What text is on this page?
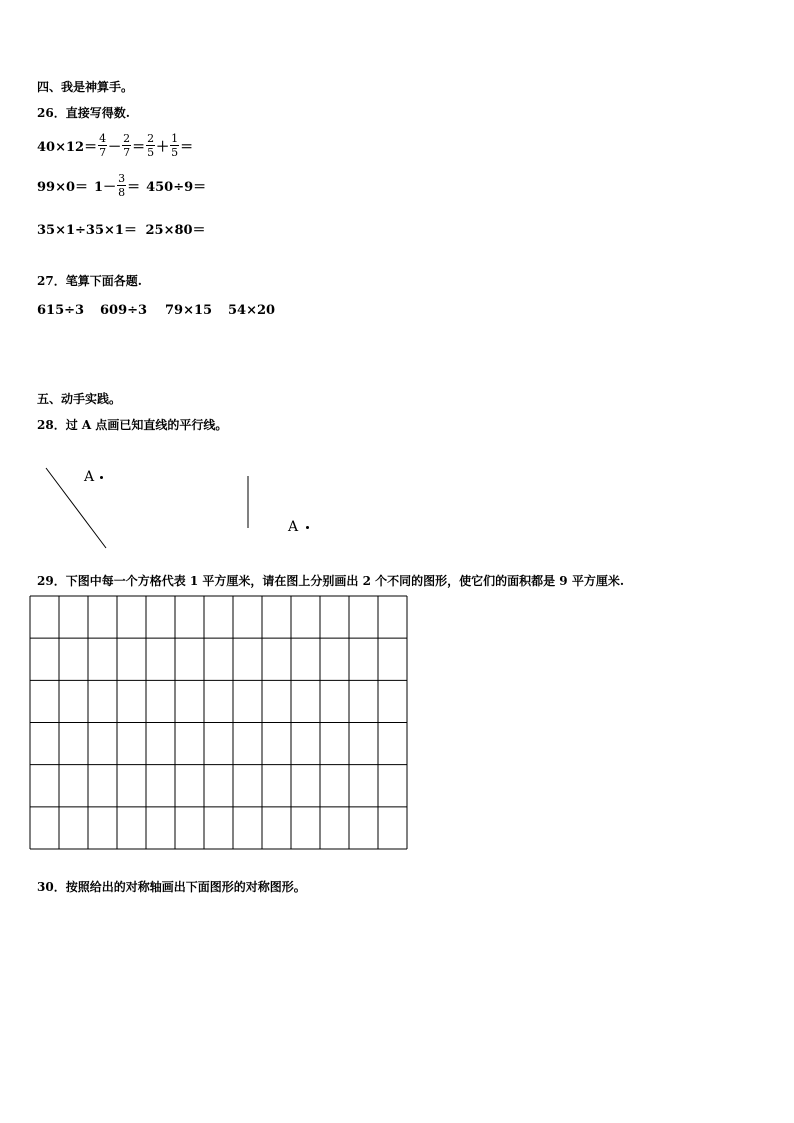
四、我是神算手。
26．直接写得数.
$40\times 12= \frac{4}{7} - \frac{2}{7} = \frac{2}{5} + \frac{1}{5}$ ＝
$99\times 0= 1- \frac{3}{8} = 450\div 9=$
35×1÷35×1＝ 25×80＝
27．笔算下面各题.
615÷3 609÷3 79×15 54×20
五、动手实践。
28．过 A 点画已知直线的平行线。
A
A
29．下图中每一个方格代表 1 平方厘米，请在图上分别画出 2 个不同的图形，使它们的面积都是 9 平方厘米.
30．按照给出的对称轴画出下面图形的对称图形。
